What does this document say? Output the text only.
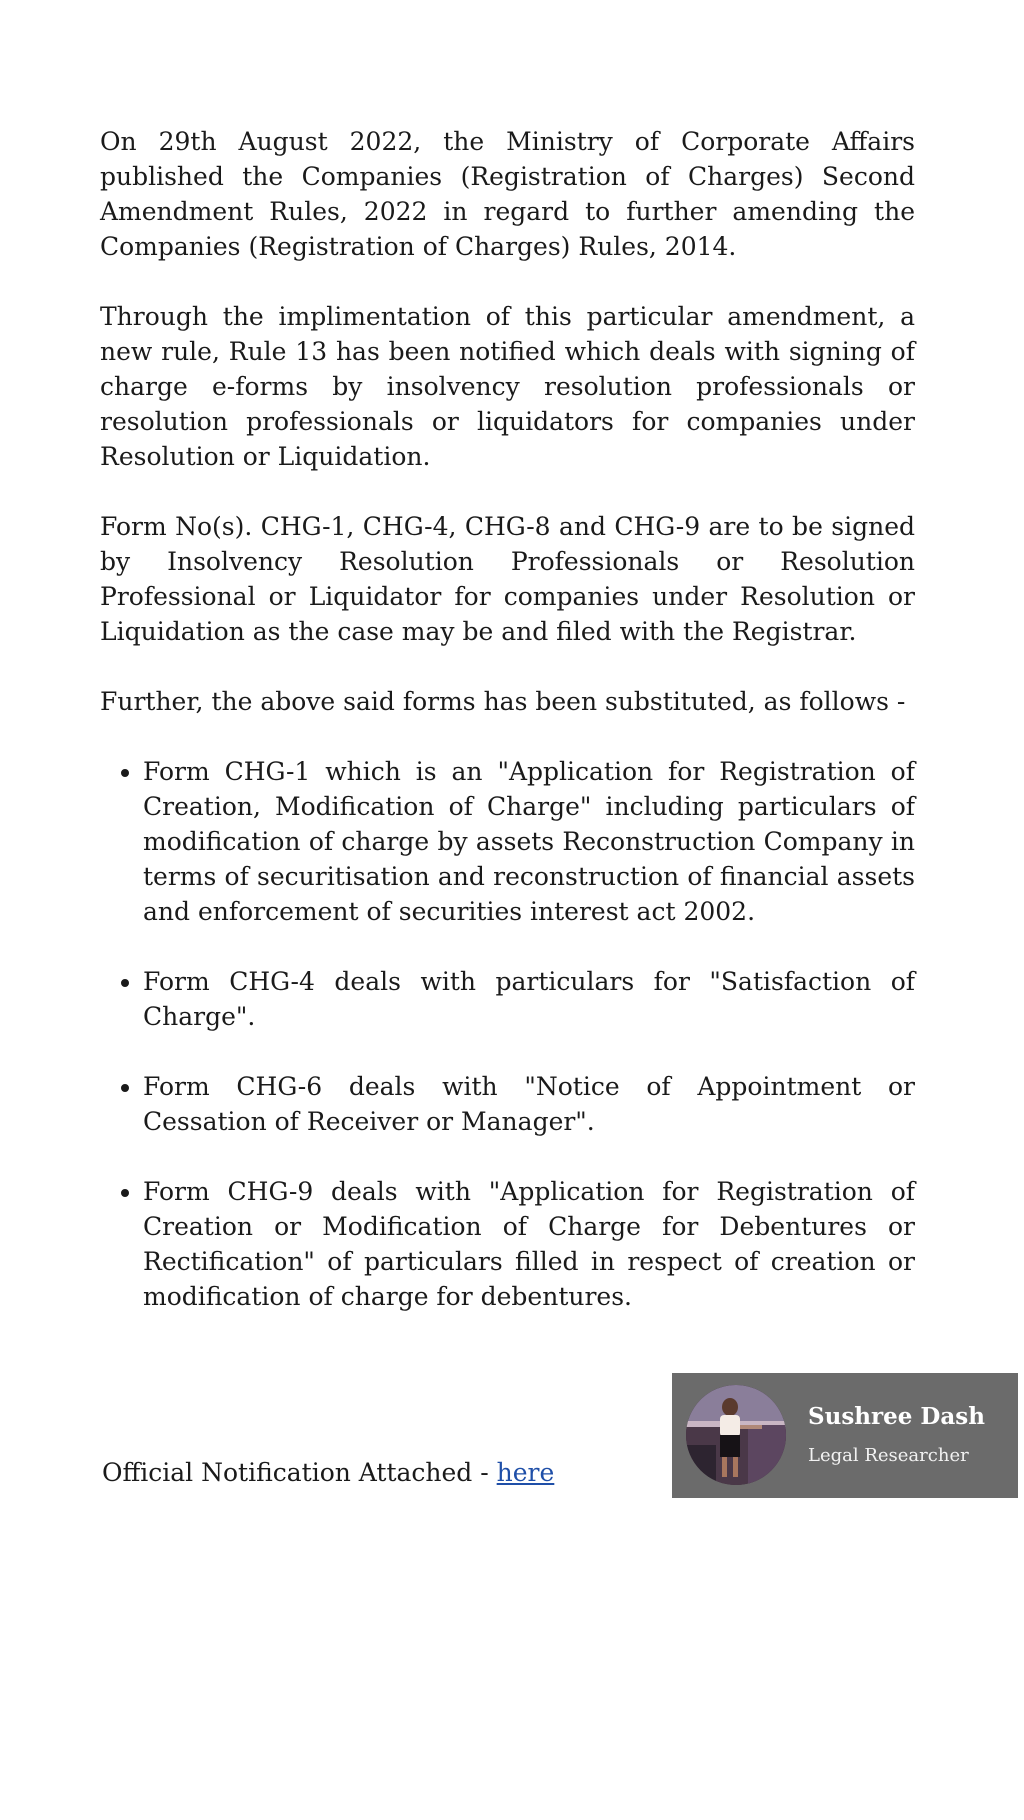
On 29th August 2022, the Ministry of Corporate Affairs published the Companies (Registration of Charges) Second Amendment Rules, 2022 in regard to further amending the Companies (Registration of Charges) Rules, 2014.

Through the implimentation of this particular amendment, a new rule, Rule 13 has been notified which deals with signing of charge e-forms by insolvency resolution professionals or resolution professionals or liquidators for companies under Resolution or Liquidation.

Form No(s). CHG-1, CHG-4, CHG-8 and CHG-9 are to be signed by Insolvency Resolution Professionals or Resolution Professional or Liquidator for companies under Resolution or Liquidation as the case may be and filed with the Registrar.

Further, the above said forms has been substituted, as follows -

• Form CHG-1 which is an "Application for Registration of Creation, Modification of Charge" including particulars of modification of charge by assets Reconstruction Company in terms of securitisation and reconstruction of financial assets and enforcement of securities interest act 2002.
• Form CHG-4 deals with particulars for "Satisfaction of Charge".
• Form CHG-6 deals with "Notice of Appointment or Cessation of Receiver or Manager".
• Form CHG-9 deals with "Application for Registration of Creation or Modification of Charge for Debentures or Rectification" of particulars filled in respect of creation or modification of charge for debentures.
Official Notification Attached - here
Sushree Dash
Legal Researcher
